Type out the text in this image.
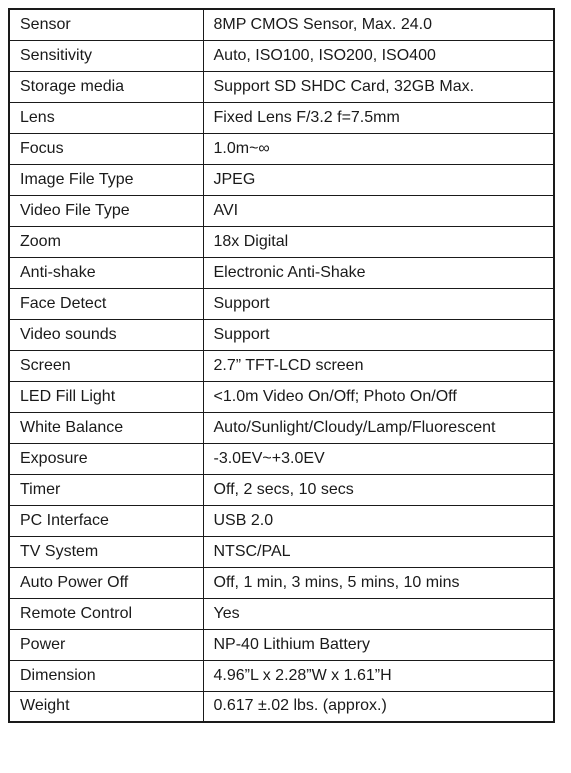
Sensor	8MP CMOS Sensor, Max. 24.0
Sensitivity	Auto, ISO100, ISO200, ISO400
Storage media	Support SD SHDC Card, 32GB Max.
Lens	Fixed Lens F/3.2 f=7.5mm
Focus	1.0m~∞
Image File Type	JPEG
Video File Type	AVI
Zoom	18x Digital
Anti-shake	Electronic Anti-Shake
Face Detect	Support
Video sounds	Support
Screen	2.7” TFT-LCD screen
LED Fill Light	<1.0m Video On/Off; Photo On/Off
White Balance	Auto/Sunlight/Cloudy/Lamp/Fluorescent
Exposure	-3.0EV~+3.0EV
Timer	Off, 2 secs, 10 secs
PC Interface	USB 2.0
TV System	NTSC/PAL
Auto Power Off	Off, 1 min, 3 mins, 5 mins, 10 mins
Remote Control	Yes
Power	NP-40 Lithium Battery
Dimension	4.96”L x 2.28”W x 1.61”H
Weight	0.617 ±.02 lbs. (approx.)
